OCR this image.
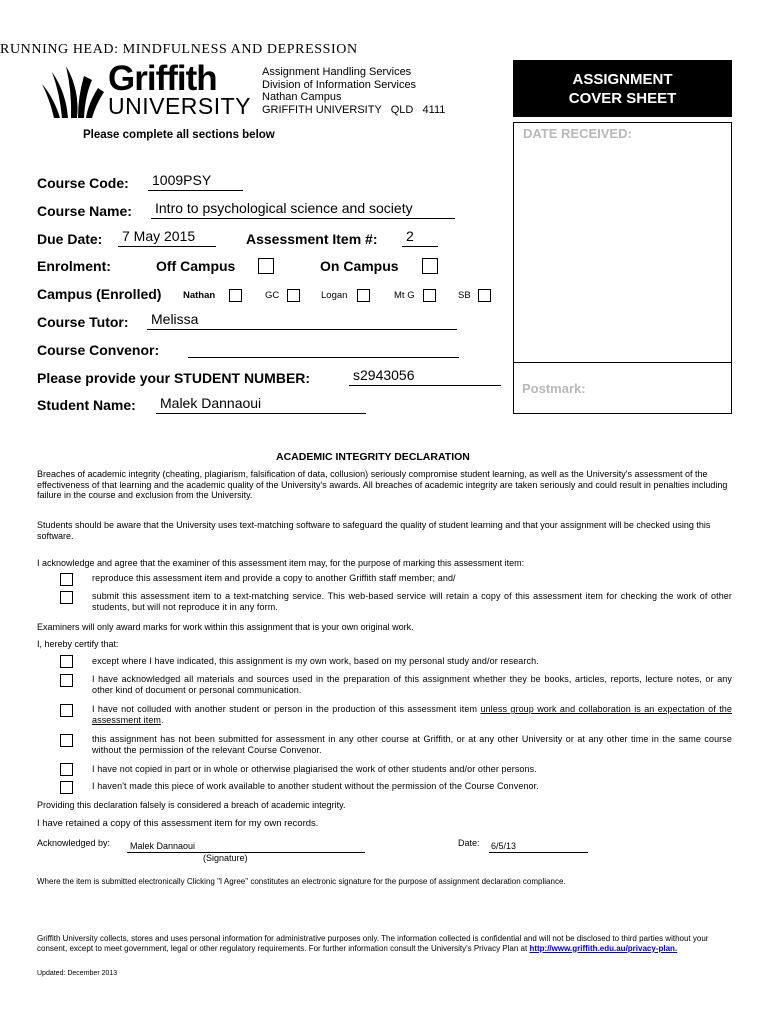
RUNNING HEAD: MINDFULNESS AND DEPRESSION
Griffith
UNIVERSITY
Assignment Handling Services
Division of Information Services
Nathan Campus
GRIFFITH UNIVERSITY   QLD   4111
Please complete all sections below
ASSIGNMENT
COVER SHEET
DATE RECEIVED:
Postmark:
Course Code: 1009PSY
Course Name: Intro to psychological science and society
Due Date: 7 May 2015	Assessment Item #: 2
Enrolment:	Off Campus	On Campus
Campus (Enrolled) Nathan	GC	Logan	Mt G	SB
Course Tutor: Melissa
Course Convenor:
Please provide your STUDENT NUMBER:	s2943056
Student Name: Malek Dannaoui
ACADEMIC INTEGRITY DECLARATION
Breaches of academic integrity (cheating, plagiarism, falsification of data, collusion) seriously compromise student learning, as well as the University's assessment of the effectiveness of that learning and the academic quality of the University's awards. All breaches of academic integrity are taken seriously and could result in penalties including failure in the course and exclusion from the University.
Students should be aware that the University uses text-matching software to safeguard the quality of student learning and that your assignment will be checked using this software.
I acknowledge and agree that the examiner of this assessment item may, for the purpose of marking this assessment item:
reproduce this assessment item and provide a copy to another Griffith staff member; and/
submit this assessment item to a text-matching service. This web-based service will retain a copy of this assessment item for checking the work of other students, but will not reproduce it in any form.
Examiners will only award marks for work within this assignment that is your own original work.
I, hereby certify that:
except where I have indicated, this assignment is my own work, based on my personal study and/or research.
I have acknowledged all materials and sources used in the preparation of this assignment whether they be books, articles, reports, lecture notes, or any other kind of document or personal communication.
I have not colluded with another student or person in the production of this assessment item unless group work and collaboration is an expectation of the assessment item.
this assignment has not been submitted for assessment in any other course at Griffith, or at any other University or at any other time in the same course without the permission of the relevant Course Convenor.
I have not copied in part or in whole or otherwise plagiarised the work of other students and/or other persons.
I haven't made this piece of work available to another student without the permission of the Course Convenor.
Providing this declaration falsely is considered a breach of academic integrity.
I have retained a copy of this assessment item for my own records.
Acknowledged by:	Malek Dannaoui	Date: 6/5/13
(Signature)
Where the item is submitted electronically Clicking "I Agree" constitutes an electronic signature for the purpose of assignment declaration compliance.
Griffith University collects, stores and uses personal information for administrative purposes only. The information collected is confidential and will not be disclosed to third parties without your consent, except to meet government, legal or other regulatory requirements. For further information consult the University's Privacy Plan at http://www.griffith.edu.au/privacy-plan.
Updated: December 2013
